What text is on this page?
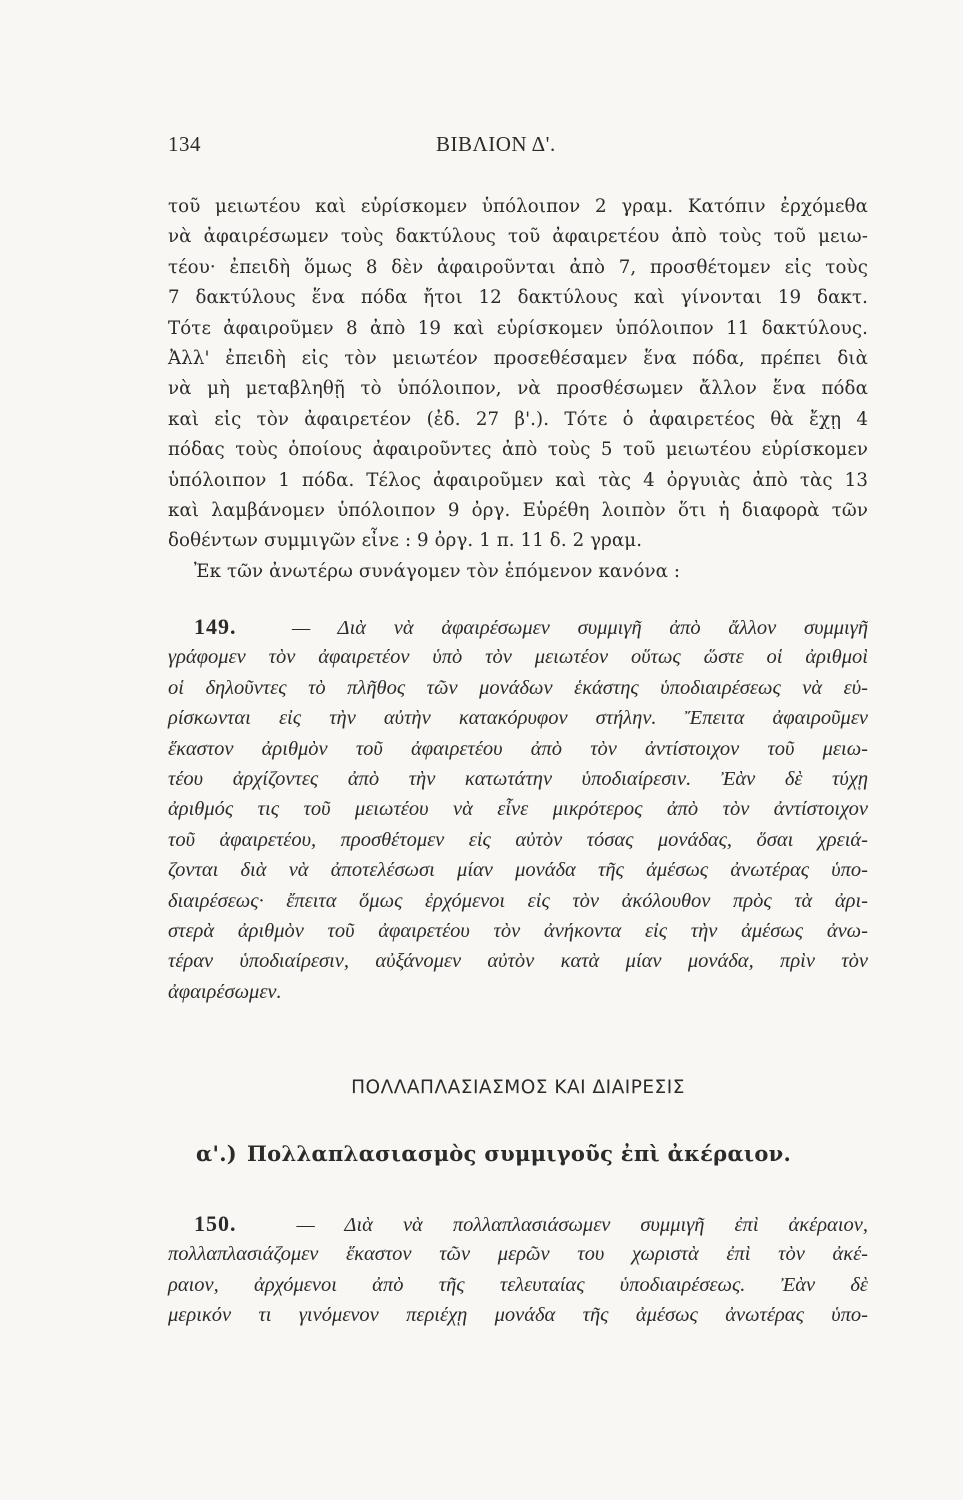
134	ΒΙΒΛΙΟΝ Δ'.
τοῦ μειωτέου καὶ εὑρίσκομεν ὑπόλοιπον 2 γραμ. Κατόπιν ἐρχόμεθα
νὰ ἀφαιρέσωμεν τοὺς δακτύλους τοῦ ἀφαιρετέου ἀπὸ τοὺς τοῦ μειω-
τέου· ἐπειδὴ ὅμως 8 δὲν ἀφαιροῦνται ἀπὸ 7, προσθέτομεν εἰς τοὺς
7 δακτύλους ἕνα πόδα ἤτοι 12 δακτύλους καὶ γίνονται 19 δακτ.
Τότε ἀφαιροῦμεν 8 ἀπὸ 19 καὶ εὑρίσκομεν ὑπόλοιπον 11 δακτύλους.
Ἀλλ' ἐπειδὴ εἰς τὸν μειωτέον προσεθέσαμεν ἕνα πόδα, πρέπει διὰ
νὰ μὴ μεταβληθῇ τὸ ὑπόλοιπον, νὰ προσθέσωμεν ἄλλον ἕνα πόδα
καὶ εἰς τὸν ἀφαιρετέον (ἐδ. 27 β'.). Τότε ὁ ἀφαιρετέος θὰ ἔχῃ 4
πόδας τοὺς ὁποίους ἀφαιροῦντες ἀπὸ τοὺς 5 τοῦ μειωτέου εὑρίσκομεν
ὑπόλοιπον 1 πόδα. Τέλος ἀφαιροῦμεν καὶ τὰς 4 ὀργυιὰς ἀπὸ τὰς 13
καὶ λαμβάνομεν ὑπόλοιπον 9 ὀργ. Εὑρέθη λοιπὸν ὅτι ἡ διαφορὰ τῶν
δοθέντων συμμιγῶν εἶνε : 9 ὀργ. 1 π. 11 δ. 2 γραμ.
Ἐκ τῶν ἀνωτέρω συνάγομεν τὸν ἑπόμενον κανόνα :
149.	— Διὰ νὰ ἀφαιρέσωμεν συμμιγῆ ἀπὸ ἄλλον συμμιγῆ
γράφομεν τὸν ἀφαιρετέον ὑπὸ τὸν μειωτέον οὕτως ὥστε οἱ ἀριθμοὶ
οἱ δηλοῦντες τὸ πλῆθος τῶν μονάδων ἑκάστης ὑποδιαιρέσεως νὰ εὑ-
ρίσκωνται εἰς τὴν αὐτὴν κατακόρυφον στήλην. Ἔπειτα ἀφαιροῦμεν
ἕκαστον ἀριθμὸν τοῦ ἀφαιρετέου ἀπὸ τὸν ἀντίστοιχον τοῦ μειω-
τέου ἀρχίζοντες ἀπὸ τὴν κατωτάτην ὑποδιαίρεσιν. Ἐὰν δὲ τύχῃ
ἀριθμός τις τοῦ μειωτέου νὰ εἶνε μικρότερος ἀπὸ τὸν ἀντίστοιχον
τοῦ ἀφαιρετέου, προσθέτομεν εἰς αὐτὸν τόσας μονάδας, ὅσαι χρειά-
ζονται διὰ νὰ ἀποτελέσωσι μίαν μονάδα τῆς ἀμέσως ἀνωτέρας ὑπο-
διαιρέσεως· ἔπειτα ὅμως ἐρχόμενοι εἰς τὸν ἀκόλουθον πρὸς τὰ ἀρι-
στερὰ ἀριθμὸν τοῦ ἀφαιρετέου τὸν ἀνήκοντα εἰς τὴν ἀμέσως ἀνω-
τέραν ὑποδιαίρεσιν, αὐξάνομεν αὐτὸν κατὰ μίαν μονάδα, πρὶν τὸν
ἀφαιρέσωμεν.
ΠΟΛΛΑΠΛΑΣΙΑΣΜΟΣ ΚΑΙ ΔΙΑΙΡΕΣΙΣ
α'.) Πολλαπλασιασμὸς συμμιγοῦς ἐπὶ ἀκέραιον.
150.	— Διὰ νὰ πολλαπλασιάσωμεν συμμιγῆ ἐπὶ ἀκέραιον,
πολλαπλασιάζομεν ἕκαστον τῶν μερῶν του χωριστὰ ἐπὶ τὸν ἀκέ-
ραιον, ἀρχόμενοι ἀπὸ τῆς τελευταίας ὑποδιαιρέσεως. Ἐὰν δὲ
μερικόν τι γινόμενον περιέχῃ μονάδα τῆς ἀμέσως ἀνωτέρας ὑπο-
